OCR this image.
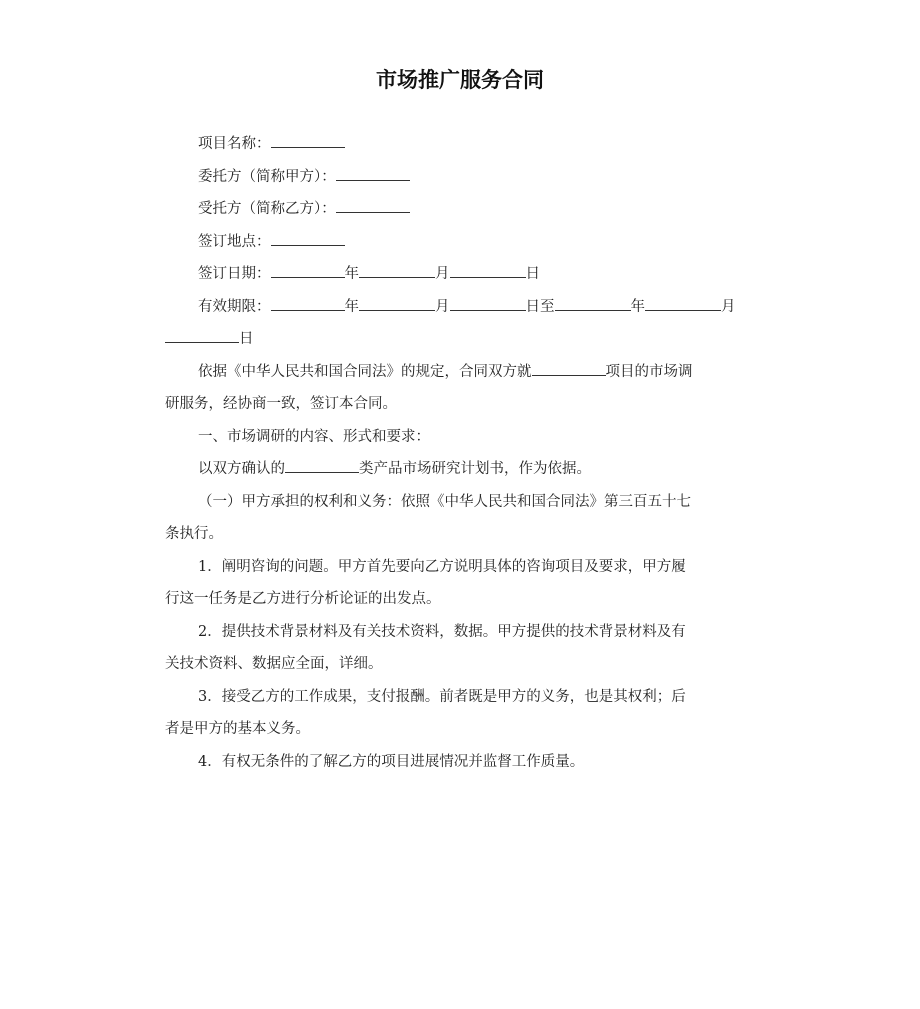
市场推广服务合同
项目名称：
委托方（简称甲方）：
受托方（简称乙方）：
签订地点：
签订日期：	年	月	日
有效期限：	年	月	日至	年	月
日
依据《中华人民共和国合同法》的规定，合同双方就	项目的市场调
研服务，经协商一致，签订本合同。
一、市场调研的内容、形式和要求：
以双方确认的	类产品市场研究计划书，作为依据。
（一）甲方承担的权利和义务：依照《中华人民共和国合同法》第三百五十七
条执行。
1．阐明咨询的问题。甲方首先要向乙方说明具体的咨询项目及要求，甲方履
行这一任务是乙方进行分析论证的出发点。
2．提供技术背景材料及有关技术资料，数据。甲方提供的技术背景材料及有
关技术资料、数据应全面，详细。
3．接受乙方的工作成果，支付报酬。前者既是甲方的义务，也是其权利；后
者是甲方的基本义务。
4．有权无条件的了解乙方的项目进展情况并监督工作质量。
